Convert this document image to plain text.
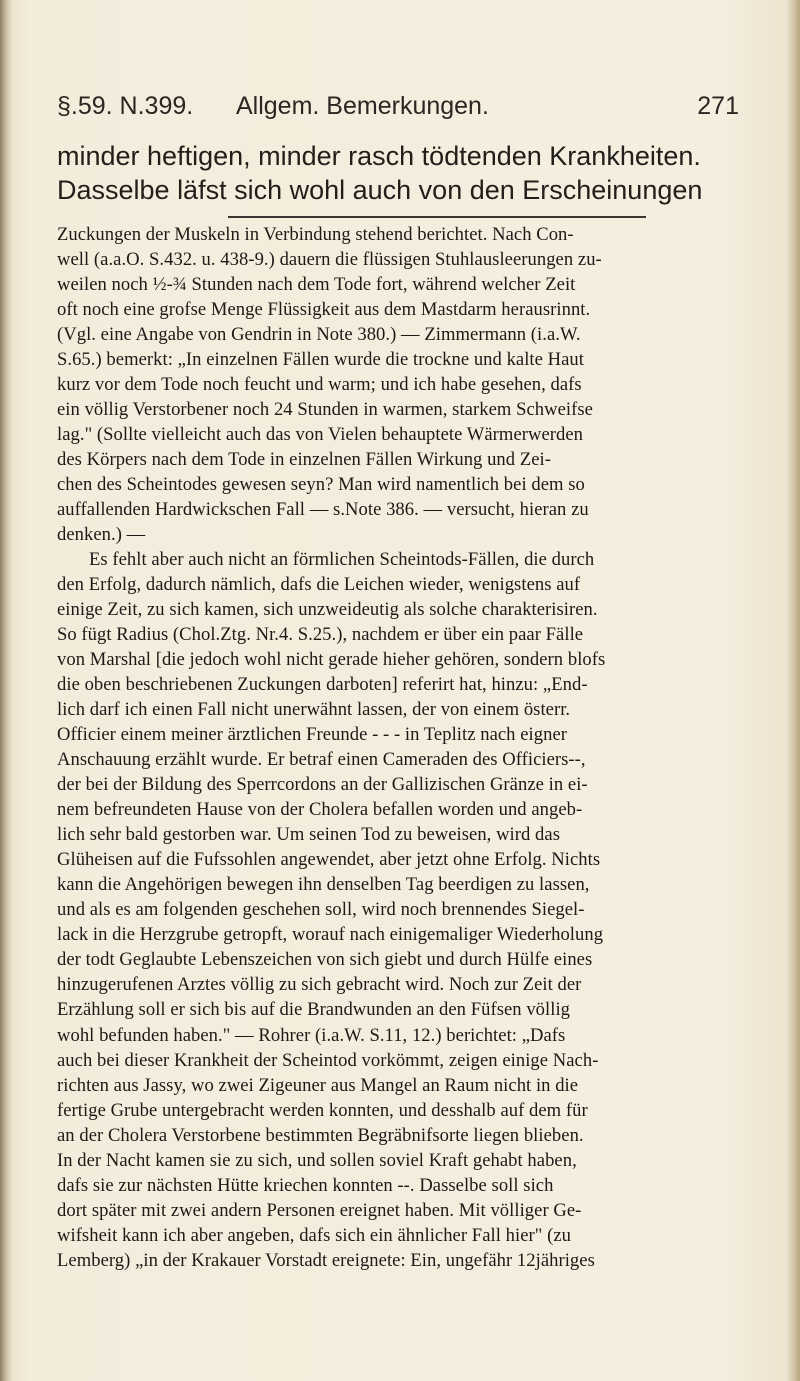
§.59. N.399. Allgem. Bemerkungen.	271
minder heftigen, minder rasch tödtenden Krankheiten.
Dasselbe läfst sich wohl auch von den Erscheinungen
Zuckungen der Muskeln in Verbindung stehend berichtet. Nach Con-
well (a.a.O. S.432. u. 438-9.) dauern die flüssigen Stuhlausleerungen zu-
weilen noch ½-¾ Stunden nach dem Tode fort, während welcher Zeit
oft noch eine grofse Menge Flüssigkeit aus dem Mastdarm herausrinnt.
(Vgl. eine Angabe von Gendrin in Note 380.) — Zimmermann (i.a.W.
S.65.) bemerkt: „In einzelnen Fällen wurde die trockne und kalte Haut
kurz vor dem Tode noch feucht und warm; und ich habe gesehen, dafs
ein völlig Verstorbener noch 24 Stunden in warmen, starkem Schweifse
lag." (Sollte vielleicht auch das von Vielen behauptete Wärmerwerden
des Körpers nach dem Tode in einzelnen Fällen Wirkung und Zei-
chen des Scheintodes gewesen seyn? Man wird namentlich bei dem so
auffallenden Hardwickschen Fall — s.Note 386. — versucht, hieran zu
denken.) —
Es fehlt aber auch nicht an förmlichen Scheintods-Fällen, die durch
den Erfolg, dadurch nämlich, dafs die Leichen wieder, wenigstens auf
einige Zeit, zu sich kamen, sich unzweideutig als solche charakterisiren.
So fügt Radius (Chol.Ztg. Nr.4. S.25.), nachdem er über ein paar Fälle
von Marshal [die jedoch wohl nicht gerade hieher gehören, sondern blofs
die oben beschriebenen Zuckungen darboten] referirt hat, hinzu: „End-
lich darf ich einen Fall nicht unerwähnt lassen, der von einem österr.
Officier einem meiner ärztlichen Freunde - - - in Teplitz nach eigner
Anschauung erzählt wurde. Er betraf einen Cameraden des Officiers--,
der bei der Bildung des Sperrcordons an der Gallizischen Gränze in ei-
nem befreundeten Hause von der Cholera befallen worden und angeb-
lich sehr bald gestorben war. Um seinen Tod zu beweisen, wird das
Glüheisen auf die Fufssohlen angewendet, aber jetzt ohne Erfolg. Nichts
kann die Angehörigen bewegen ihn denselben Tag beerdigen zu lassen,
und als es am folgenden geschehen soll, wird noch brennendes Siegel-
lack in die Herzgrube getropft, worauf nach einigemaliger Wiederholung
der todt Geglaubte Lebenszeichen von sich giebt und durch Hülfe eines
hinzugerufenen Arztes völlig zu sich gebracht wird. Noch zur Zeit der
Erzählung soll er sich bis auf die Brandwunden an den Füfsen völlig
wohl befunden haben." — Rohrer (i.a.W. S.11, 12.) berichtet: „Dafs
auch bei dieser Krankheit der Scheintod vorkömmt, zeigen einige Nach-
richten aus Jassy, wo zwei Zigeuner aus Mangel an Raum nicht in die
fertige Grube untergebracht werden konnten, und desshalb auf dem für
an der Cholera Verstorbene bestimmten Begräbnifsorte liegen blieben.
In der Nacht kamen sie zu sich, und sollen soviel Kraft gehabt haben,
dafs sie zur nächsten Hütte kriechen konnten --. Dasselbe soll sich
dort später mit zwei andern Personen ereignet haben. Mit völliger Ge-
wifsheit kann ich aber angeben, dafs sich ein ähnlicher Fall hier" (zu
Lemberg) „in der Krakauer Vorstadt ereignete: Ein, ungefähr 12jähriges
